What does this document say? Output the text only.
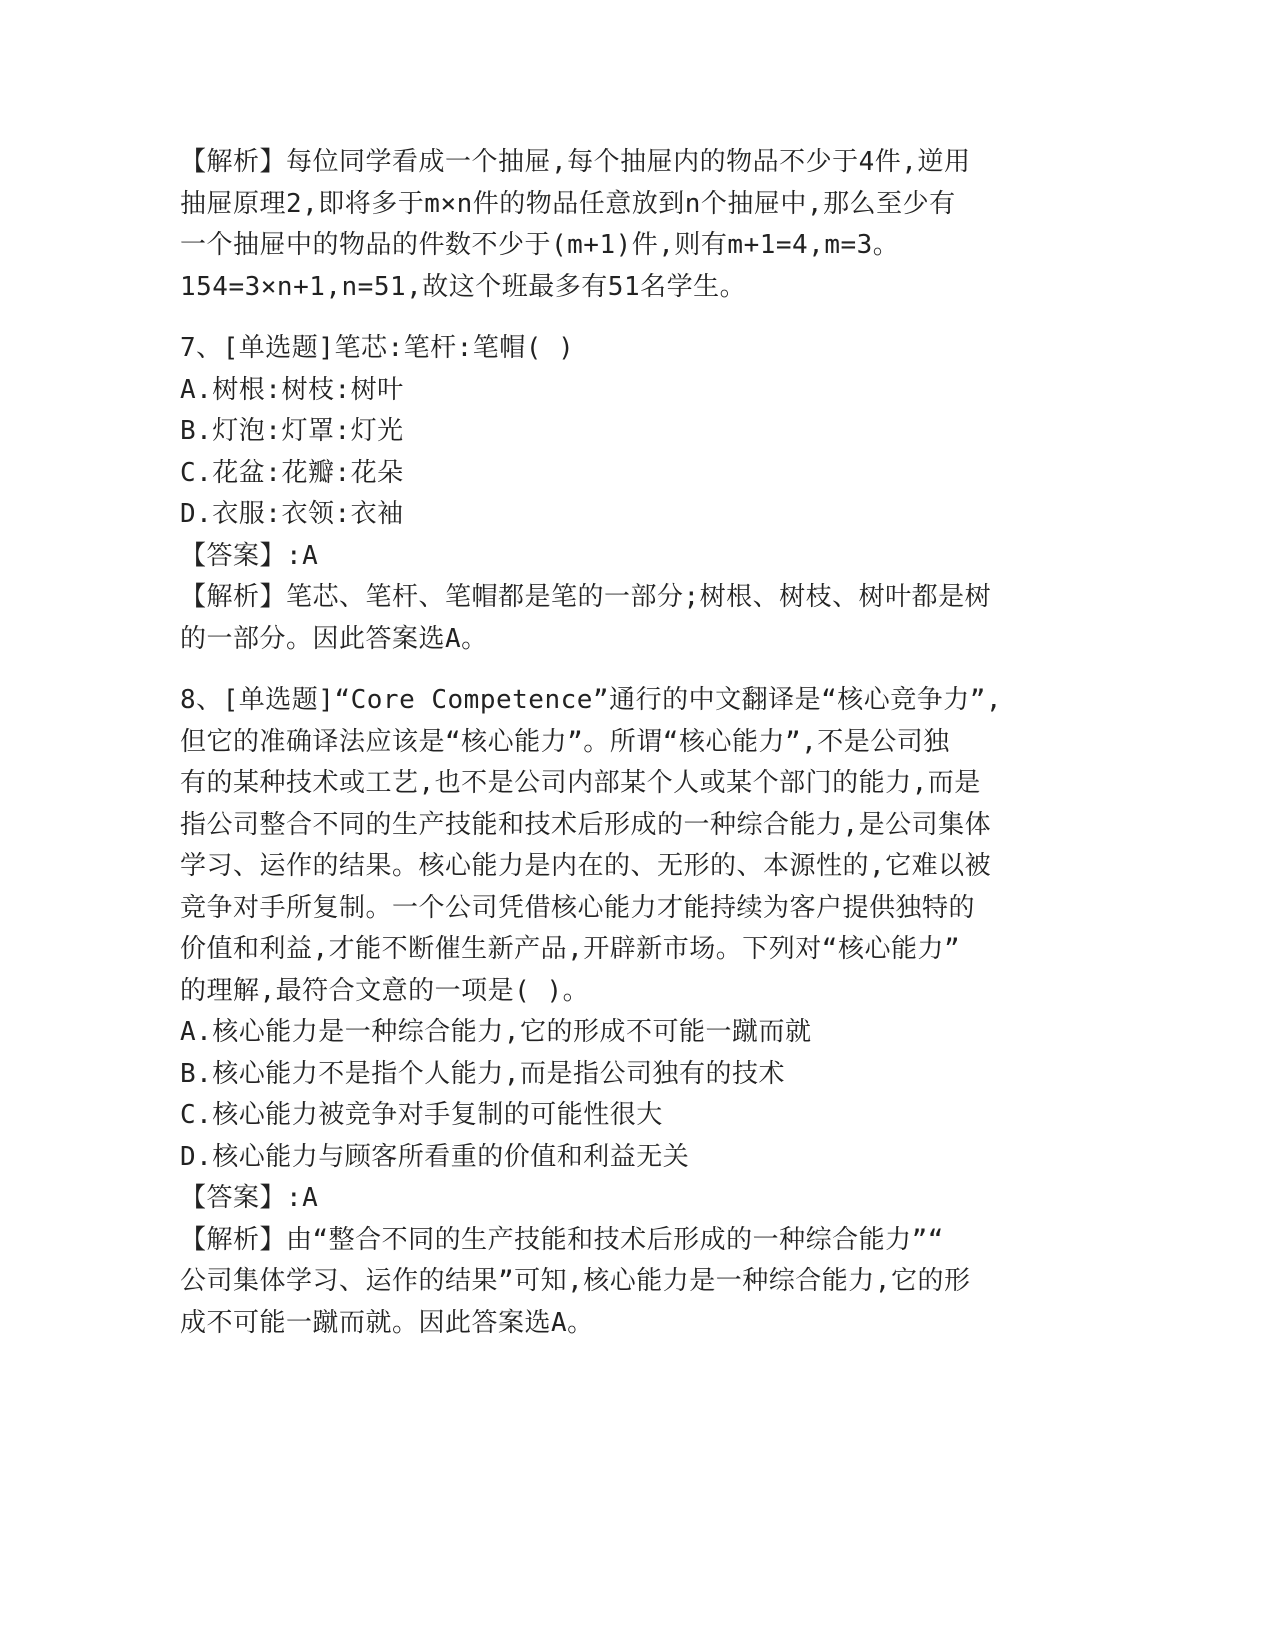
【解析】每位同学看成一个抽屉,每个抽屉内的物品不少于4件,逆用
抽屉原理2,即将多于m×n件的物品任意放到n个抽屉中,那么至少有
一个抽屉中的物品的件数不少于(m+1)件,则有m+1=4,m=3。
154=3×n+1,n=51,故这个班最多有51名学生。
7、[单选题]笔芯:笔杆:笔帽( )
A.树根:树枝:树叶
B.灯泡:灯罩:灯光
C.花盆:花瓣:花朵
D.衣服:衣领:衣袖
【答案】:A
【解析】笔芯、笔杆、笔帽都是笔的一部分;树根、树枝、树叶都是树
的一部分。因此答案选A。
8、[单选题]“Core Competence”通行的中文翻译是“核心竞争力”,
但它的准确译法应该是“核心能力”。所谓“核心能力”,不是公司独
有的某种技术或工艺,也不是公司内部某个人或某个部门的能力,而是
指公司整合不同的生产技能和技术后形成的一种综合能力,是公司集体
学习、运作的结果。核心能力是内在的、无形的、本源性的,它难以被
竞争对手所复制。一个公司凭借核心能力才能持续为客户提供独特的
价值和利益,才能不断催生新产品,开辟新市场。下列对“核心能力”
的理解,最符合文意的一项是( )。
A.核心能力是一种综合能力,它的形成不可能一蹴而就
B.核心能力不是指个人能力,而是指公司独有的技术
C.核心能力被竞争对手复制的可能性很大
D.核心能力与顾客所看重的价值和利益无关
【答案】:A
【解析】由“整合不同的生产技能和技术后形成的一种综合能力”“
公司集体学习、运作的结果”可知,核心能力是一种综合能力,它的形
成不可能一蹴而就。因此答案选A。
